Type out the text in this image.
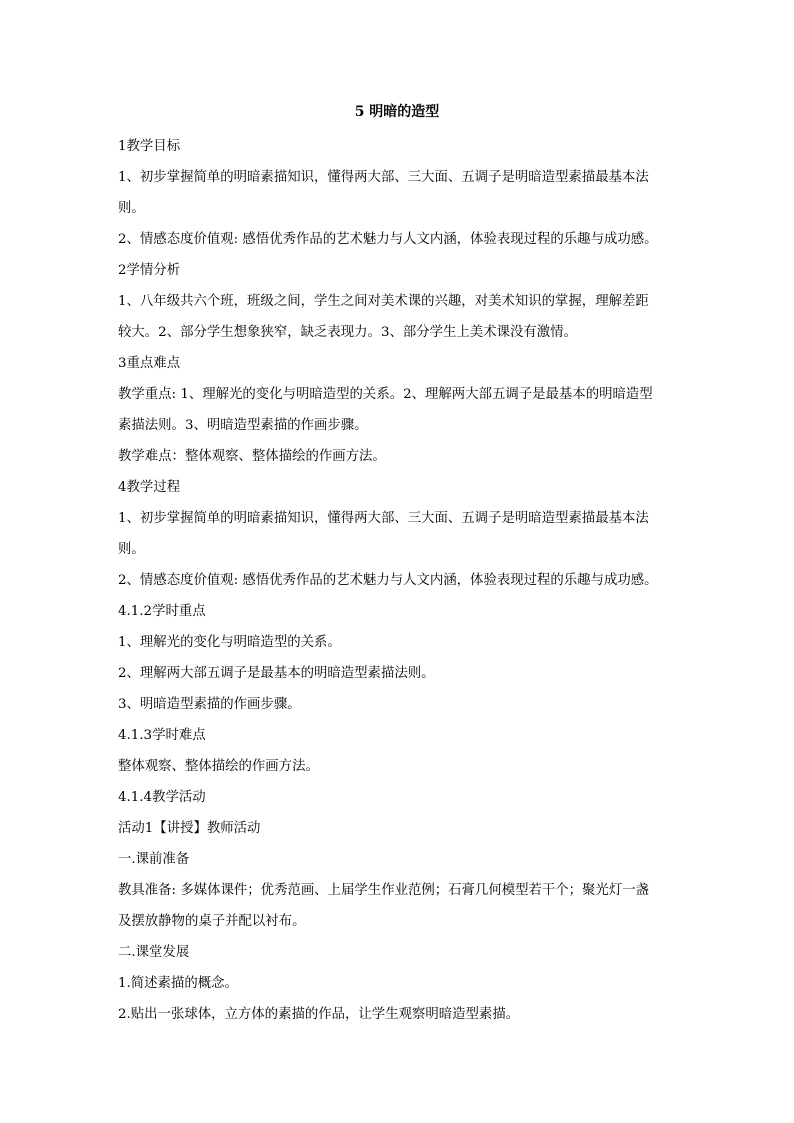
5 明暗的造型
1教学目标
1、初步掌握简单的明暗素描知识，懂得两大部、三大面、五调子是明暗造型素描最基本法
则。
2、情感态度价值观: 感悟优秀作品的艺术魅力与人文内涵，体验表现过程的乐趣与成功感。
2学情分析
1、八年级共六个班，班级之间，学生之间对美术课的兴趣，对美术知识的掌握，理解差距
较大。2、部分学生想象狭窄，缺乏表现力。3、部分学生上美术课没有激情。
3重点难点
教学重点: 1、理解光的变化与明暗造型的关系。2、理解两大部五调子是最基本的明暗造型
素描法则。3、明暗造型素描的作画步骤。
教学难点：整体观察、整体描绘的作画方法。
4教学过程
1、初步掌握简单的明暗素描知识，懂得两大部、三大面、五调子是明暗造型素描最基本法
则。
2、情感态度价值观: 感悟优秀作品的艺术魅力与人文内涵，体验表现过程的乐趣与成功感。
4.1.2学时重点
1、理解光的变化与明暗造型的关系。
2、理解两大部五调子是最基本的明暗造型素描法则。
3、明暗造型素描的作画步骤。
4.1.3学时难点
整体观察、整体描绘的作画方法。
4.1.4教学活动
活动1【讲授】教师活动
一.课前准备
教具准备: 多媒体课件；优秀范画、上届学生作业范例；石膏几何模型若干个；聚光灯一盏
及摆放静物的桌子并配以衬布。
二.课堂发展
1.简述素描的概念。
2.贴出一张球体，立方体的素描的作品，让学生观察明暗造型素描。
